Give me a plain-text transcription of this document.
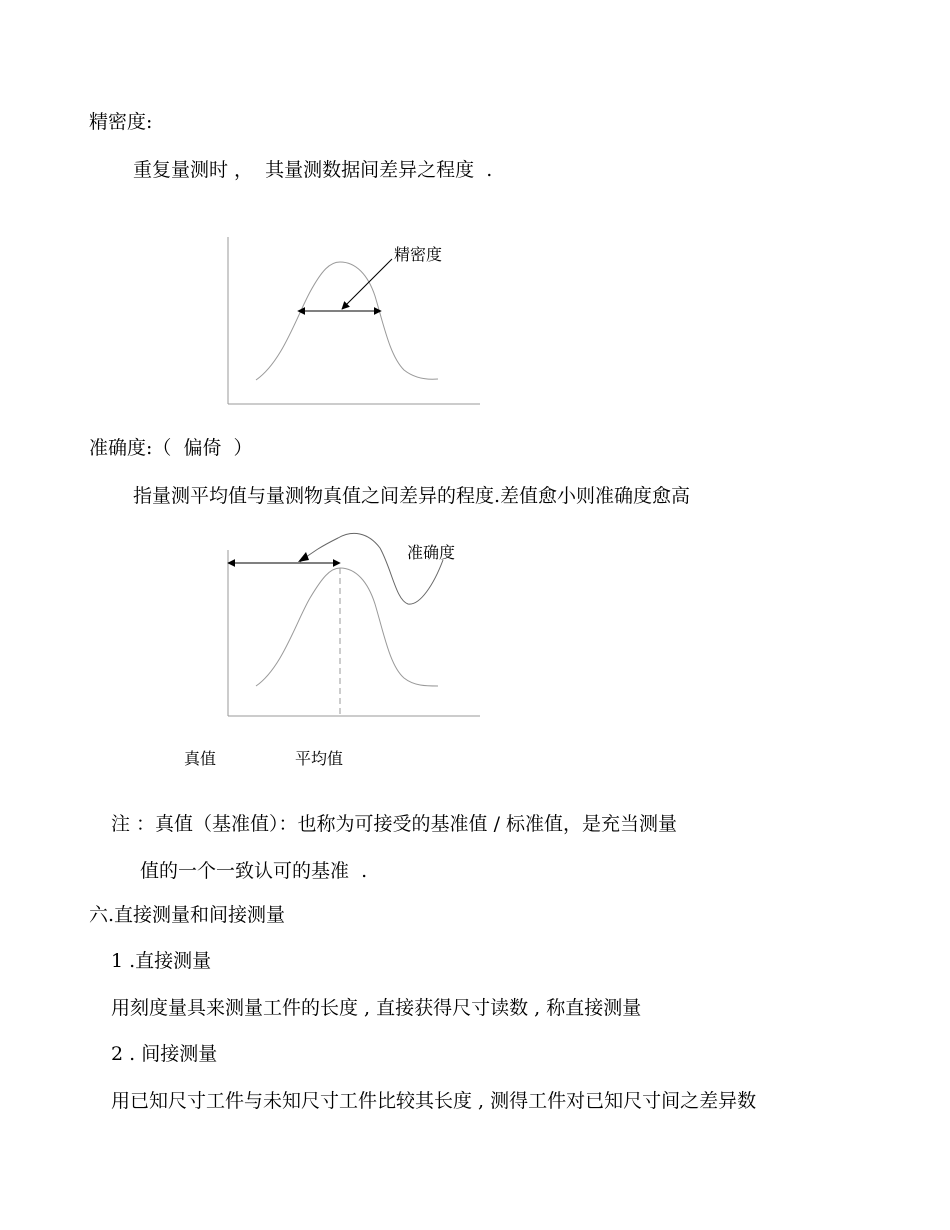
精密度:
重复量测时 ，  其量测数据间差异之程度  .
精密度
准确度:（  偏倚  ）
指量测平均值与量测物真值之间差异的程度.差值愈小则准确度愈高
准确度
真值	平均值
注 ：真值（基准值）：也称为可接受的基准值 / 标准值，是充当测量
值的一个一致认可的基准  .
六.直接测量和间接测量
1 .直接测量
用刻度量具来测量工件的长度 , 直接获得尺寸读数 , 称直接测量
2 . 间接测量
用已知尺寸工件与未知尺寸工件比较其长度 , 测得工件对已知尺寸间之差异数
